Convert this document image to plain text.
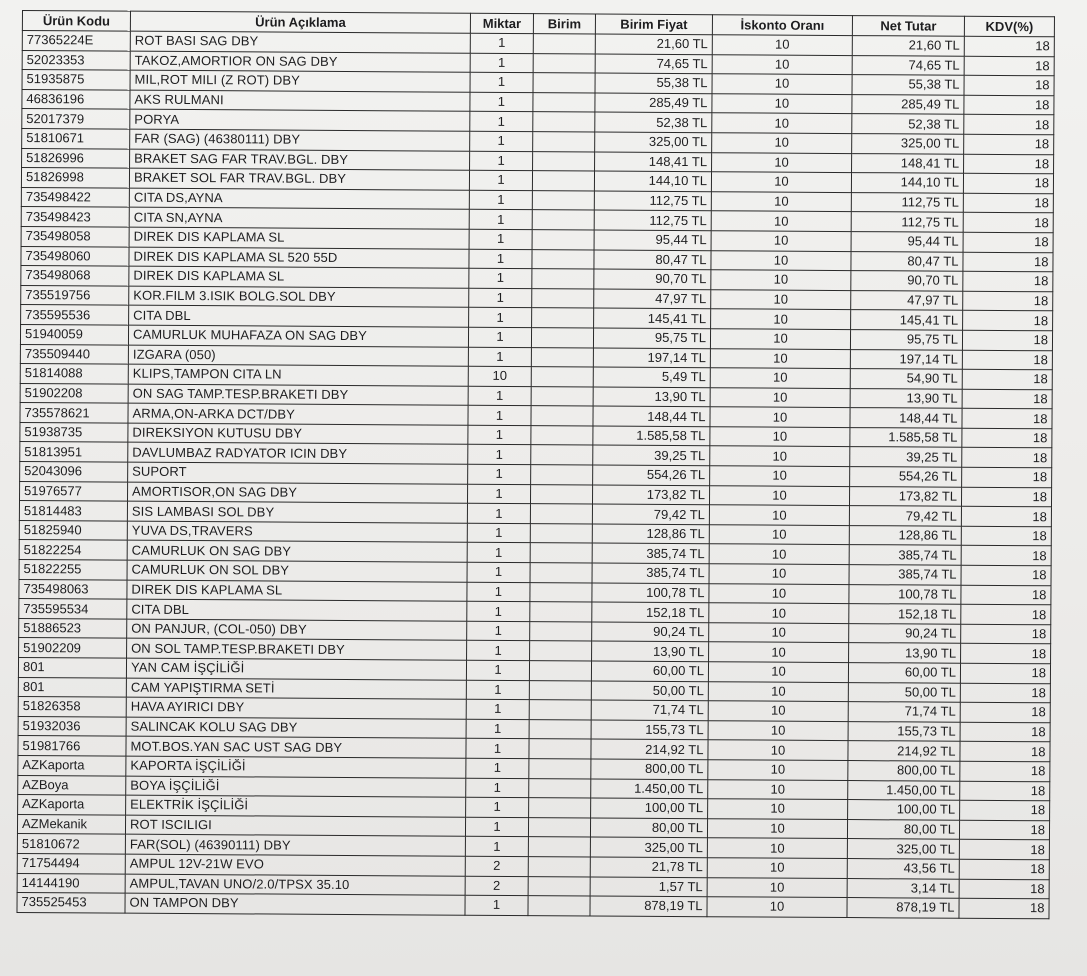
Ürün Kodu	Ürün Açıklama	Miktar	Birim	Birim Fiyat	İskonto Oranı	Net Tutar	KDV(%)
77365224E	ROT BASI SAG DBY	1		21,60 TL	10	21,60 TL	18
52023353	TAKOZ,AMORTIOR ON SAG DBY	1		74,65 TL	10	74,65 TL	18
51935875	MIL,ROT MILI (Z ROT) DBY	1		55,38 TL	10	55,38 TL	18
46836196	AKS RULMANI	1		285,49 TL	10	285,49 TL	18
52017379	PORYA	1		52,38 TL	10	52,38 TL	18
51810671	FAR (SAG) (46380111) DBY	1		325,00 TL	10	325,00 TL	18
51826996	BRAKET SAG FAR TRAV.BGL. DBY	1		148,41 TL	10	148,41 TL	18
51826998	BRAKET SOL FAR TRAV.BGL. DBY	1		144,10 TL	10	144,10 TL	18
735498422	CITA DS,AYNA	1		112,75 TL	10	112,75 TL	18
735498423	CITA SN,AYNA	1		112,75 TL	10	112,75 TL	18
735498058	DIREK DIS KAPLAMA SL	1		95,44 TL	10	95,44 TL	18
735498060	DIREK DIS KAPLAMA SL 520 55D	1		80,47 TL	10	80,47 TL	18
735498068	DIREK DIS KAPLAMA SL	1		90,70 TL	10	90,70 TL	18
735519756	KOR.FILM 3.ISIK BOLG.SOL DBY	1		47,97 TL	10	47,97 TL	18
735595536	CITA DBL	1		145,41 TL	10	145,41 TL	18
51940059	CAMURLUK MUHAFAZA ON SAG DBY	1		95,75 TL	10	95,75 TL	18
735509440	IZGARA (050)	1		197,14 TL	10	197,14 TL	18
51814088	KLIPS,TAMPON CITA LN	10		5,49 TL	10	54,90 TL	18
51902208	ON SAG TAMP.TESP.BRAKETI DBY	1		13,90 TL	10	13,90 TL	18
735578621	ARMA,ON-ARKA DCT/DBY	1		148,44 TL	10	148,44 TL	18
51938735	DIREKSIYON KUTUSU DBY	1		1.585,58 TL	10	1.585,58 TL	18
51813951	DAVLUMBAZ RADYATOR ICIN DBY	1		39,25 TL	10	39,25 TL	18
52043096	SUPORT	1		554,26 TL	10	554,26 TL	18
51976577	AMORTISOR,ON SAG DBY	1		173,82 TL	10	173,82 TL	18
51814483	SIS LAMBASI SOL DBY	1		79,42 TL	10	79,42 TL	18
51825940	YUVA DS,TRAVERS	1		128,86 TL	10	128,86 TL	18
51822254	CAMURLUK ON SAG DBY	1		385,74 TL	10	385,74 TL	18
51822255	CAMURLUK ON SOL DBY	1		385,74 TL	10	385,74 TL	18
735498063	DIREK DIS KAPLAMA SL	1		100,78 TL	10	100,78 TL	18
735595534	CITA DBL	1		152,18 TL	10	152,18 TL	18
51886523	ON PANJUR, (COL-050) DBY	1		90,24 TL	10	90,24 TL	18
51902209	ON SOL TAMP.TESP.BRAKETI DBY	1		13,90 TL	10	13,90 TL	18
801	YAN CAM İŞÇİLİĞİ	1		60,00 TL	10	60,00 TL	18
801	CAM YAPIŞTIRMA SETİ	1		50,00 TL	10	50,00 TL	18
51826358	HAVA AYIRICI DBY	1		71,74 TL	10	71,74 TL	18
51932036	SALINCAK KOLU SAG DBY	1		155,73 TL	10	155,73 TL	18
51981766	MOT.BOS.YAN SAC UST SAG DBY	1		214,92 TL	10	214,92 TL	18
AZKaporta	KAPORTA İŞÇİLİĞİ	1		800,00 TL	10	800,00 TL	18
AZBoya	BOYA İŞÇİLİĞİ	1		1.450,00 TL	10	1.450,00 TL	18
AZKaporta	ELEKTRİK İŞÇİLİĞİ	1		100,00 TL	10	100,00 TL	18
AZMekanik	ROT ISCILIGI	1		80,00 TL	10	80,00 TL	18
51810672	FAR(SOL) (46390111) DBY	1		325,00 TL	10	325,00 TL	18
71754494	AMPUL 12V-21W EVO	2		21,78 TL	10	43,56 TL	18
14144190	AMPUL,TAVAN UNO/2.0/TPSX 35.10	2		1,57 TL	10	3,14 TL	18
735525453	ON TAMPON DBY	1		878,19 TL	10	878,19 TL	18
